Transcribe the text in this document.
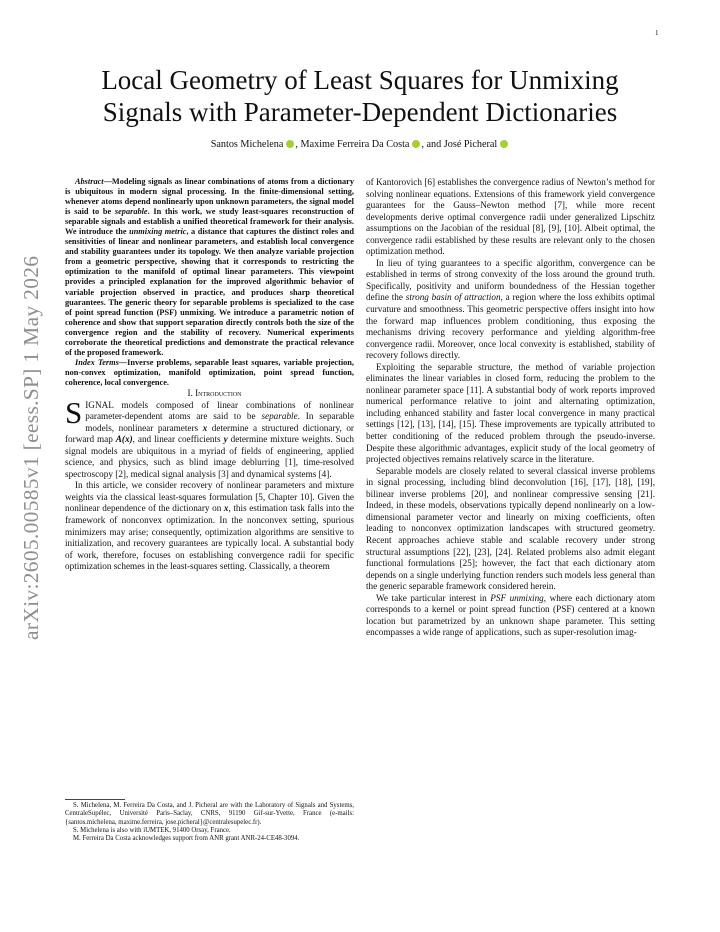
1
arXiv:2605.00585v1 [eess.SP] 1 May 2026
Local Geometry of Least Squares for Unmixing
Signals with Parameter-Dependent Dictionaries
Santos Michelena , Maxime Ferreira Da Costa , and José Picheral

Abstract—Modeling signals as linear combinations of atoms from a dictionary is ubiquitous in modern signal processing. In the finite-dimensional setting, whenever atoms depend nonlinearly upon unknown parameters, the signal model is said to be separable. In this work, we study least-squares reconstruction of separable signals and establish a unified theoretical framework for their analysis. We introduce the unmixing metric, a distance that captures the distinct roles and sensitivities of linear and nonlinear parameters, and establish local convergence and stability guarantees under its topology. We then analyze variable projection from a geometric perspective, showing that it corresponds to restricting the optimization to the manifold of optimal linear parameters. This viewpoint provides a principled explanation for the improved algorithmic behavior of variable projection observed in practice, and produces sharp theoretical guarantees. The generic theory for separable problems is specialized to the case of point spread function (PSF) unmixing. We introduce a parametric notion of coherence and show that support separation directly controls both the size of the convergence region and the stability of recovery. Numerical experiments corroborate the theoretical predictions and demonstrate the practical relevance of the proposed framework.

Index Terms—Inverse problems, separable least squares, variable projection, non-convex optimization, manifold optimization, point spread function, coherence, local convergence.

I. Introduction

SIGNAL models composed of linear combinations of nonlinear parameter-dependent atoms are said to be separable. In separable models, nonlinear parameters x determine a structured dictionary, or forward map A(x), and linear coefficients y determine mixture weights. Such signal models are ubiquitous in a myriad of fields of engineering, applied science, and physics, such as blind image deblurring [1], time-resolved spectroscopy [2], medical signal analysis [3] and dynamical systems [4].

In this article, we consider recovery of nonlinear parameters and mixture weights via the classical least-squares formulation [5, Chapter 10]. Given the nonlinear dependence of the dictionary on x, this estimation task falls into the framework of nonconvex optimization. In the nonconvex setting, spurious minimizers may arise; consequently, optimization algorithms are sensitive to initialization, and recovery guarantees are typically local. A substantial body of work, therefore, focuses on establishing convergence radii for specific optimization schemes in the least-squares setting. Classically, a theorem

S. Michelena, M. Ferreira Da Costa, and J. Picheral are with the Laboratory of Signals and Systems, CentraleSupélec, Université Paris–Saclay, CNRS, 91190 Gif-sur-Yvette, France (e-mails: {santos.michelena, maxime.ferreira, jose.picheral}@centralesupelec.fr).

S. Michelena is also with iUMTEK, 91400 Orsay, France.

M. Ferreira Da Costa acknowledges support from ANR grant ANR-24-CE48-3094.

of Kantorovich [6] establishes the convergence radius of Newton’s method for solving nonlinear equations. Extensions of this framework yield convergence guarantees for the Gauss–Newton method [7], while more recent developments derive optimal convergence radii under generalized Lipschitz assumptions on the Jacobian of the residual [8], [9], [10]. Albeit optimal, the convergence radii established by these results are relevant only to the chosen optimization method.

In lieu of tying guarantees to a specific algorithm, convergence can be established in terms of strong convexity of the loss around the ground truth. Specifically, positivity and uniform boundedness of the Hessian together define the strong basin of attraction, a region where the loss exhibits optimal curvature and smoothness. This geometric perspective offers insight into how the forward map influences problem conditioning, thus exposing the mechanisms driving recovery performance and yielding algorithm-free convergence radii. Moreover, once local convexity is established, stability of recovery follows directly.

Exploiting the separable structure, the method of variable projection eliminates the linear variables in closed form, reducing the problem to the nonlinear parameter space [11]. A substantial body of work reports improved numerical performance relative to joint and alternating optimization, including enhanced stability and faster local convergence in many practical settings [12], [13], [14], [15]. These improvements are typically attributed to better conditioning of the reduced problem through the pseudo-inverse. Despite these algorithmic advantages, explicit study of the local geometry of projected objectives remains relatively scarce in the literature.

Separable models are closely related to several classical inverse problems in signal processing, including blind deconvolution [16], [17], [18], [19], bilinear inverse problems [20], and nonlinear compressive sensing [21]. Indeed, in these models, observations typically depend nonlinearly on a low-dimensional parameter vector and linearly on mixing coefficients, often leading to nonconvex optimization landscapes with structured geometry. Recent approaches achieve stable and scalable recovery under strong structural assumptions [22], [23], [24]. Related problems also admit elegant functional formulations [25]; however, the fact that each dictionary atom depends on a single underlying function renders such models less general than the generic separable framework considered herein.

We take particular interest in PSF unmixing, where each dictionary atom corresponds to a kernel or point spread function (PSF) centered at a known location but parametrized by an unknown shape parameter. This setting encompasses a wide range of applications, such as super-resolution imag-
